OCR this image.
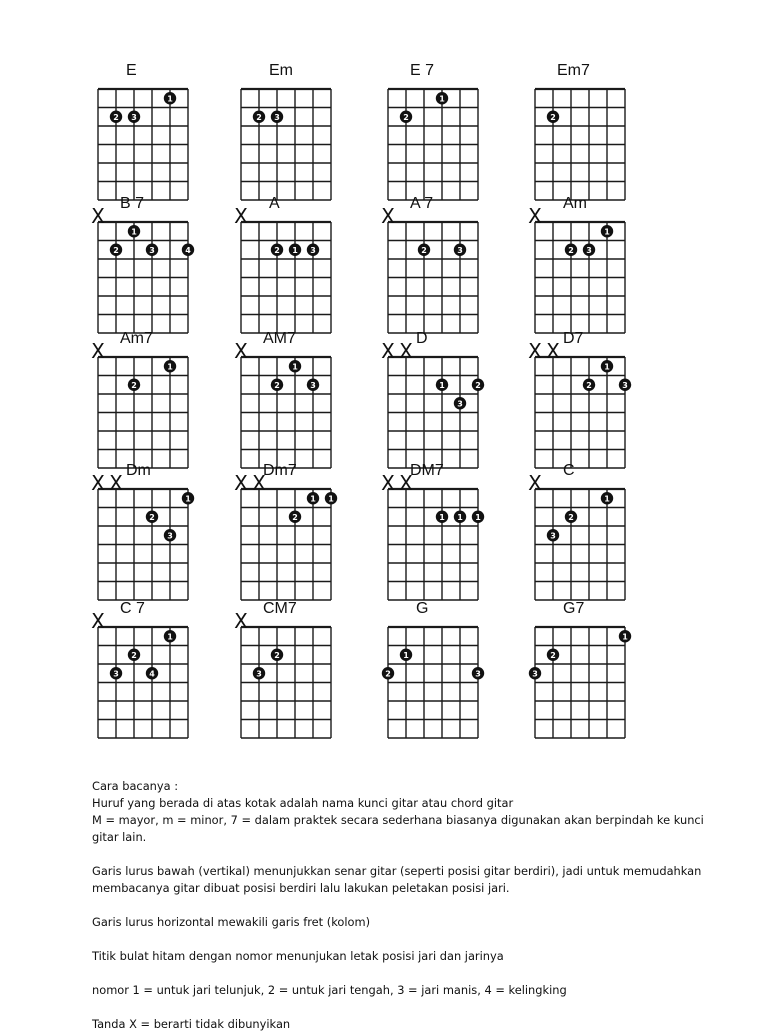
E
1
2 3
Em
2 3
E 7
1
2
Em7
2
B 7
X
1
2	3	4
A
X
2 1 3
A 7
X
2	3
Am
X
1
2 3
Am7
X
1
2
AM7
X
1
2	3
D
X X
1	2
3
D7
X X
1
2	3
Dm
X X
1
2
3
Dm7
X X
1 1
2
DM7
X X
1 1 1
C
X
1
2
3
C 7
X
1
2
3	4
CM7
X
2
3
G
1
2	3
G7
1
2
3

Cara bacanya :

Huruf yang berada di atas kotak adalah nama kunci gitar atau chord gitar

M = mayor, m = minor, 7 = dalam praktek secara sederhana biasanya digunakan akan berpindah ke kunci gitar lain.

Garis lurus bawah (vertikal) menunjukkan senar gitar (seperti posisi gitar berdiri), jadi untuk memudahkan membacanya gitar dibuat posisi berdiri lalu lakukan peletakan posisi jari.

Garis lurus horizontal mewakili garis fret (kolom)

Titik bulat hitam dengan nomor menunjukan letak posisi jari dan jarinya

nomor 1 = untuk jari telunjuk, 2 = untuk jari tengah, 3 = jari manis, 4 = kelingking

Tanda X = berarti tidak dibunyikan
